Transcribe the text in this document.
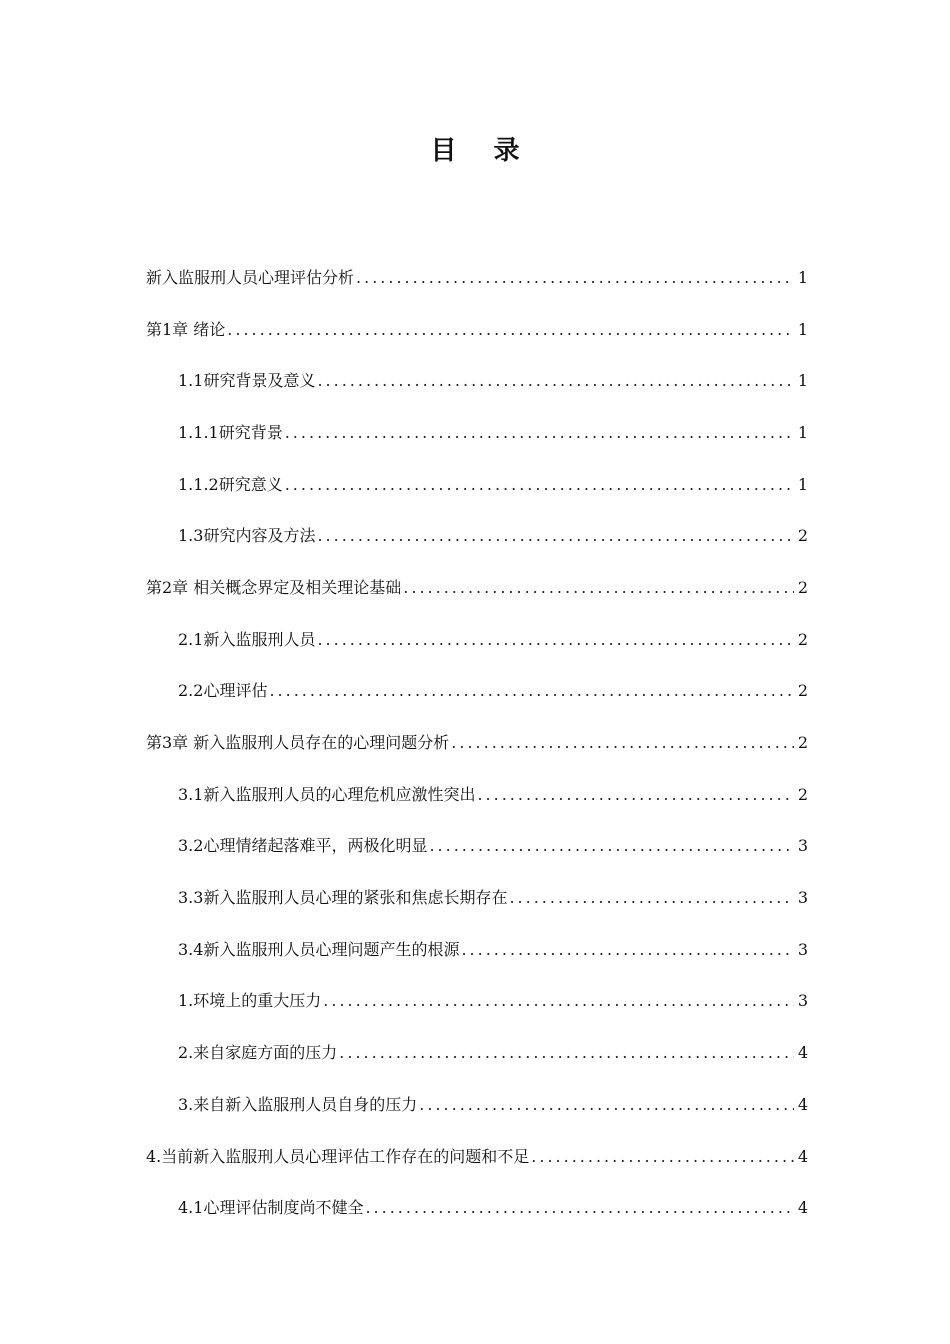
目 录
新入监服刑人员心理评估分析 .....	1
第1章 绪论 .....	1
1.1研究背景及意义 .....	1
1.1.1研究背景 .....	1
1.1.2研究意义 .....	1
1.3研究内容及方法 .....	2
第2章 相关概念界定及相关理论基础 .....	2
2.1新入监服刑人员 .....	2
2.2心理评估 .....	2
第3章 新入监服刑人员存在的心理问题分析 .....	2
3.1新入监服刑人员的心理危机应激性突出 .....	2
3.2心理情绪起落难平，两极化明显 .....	3
3.3新入监服刑人员心理的紧张和焦虑长期存在 .....	3
3.4新入监服刑人员心理问题产生的根源 .....	3
1.环境上的重大压力 .....	3
2.来自家庭方面的压力 .....	4
3.来自新入监服刑人员自身的压力 .....	4
4.当前新入监服刑人员心理评估工作存在的问题和不足 .....	4
4.1心理评估制度尚不健全 .....	4
